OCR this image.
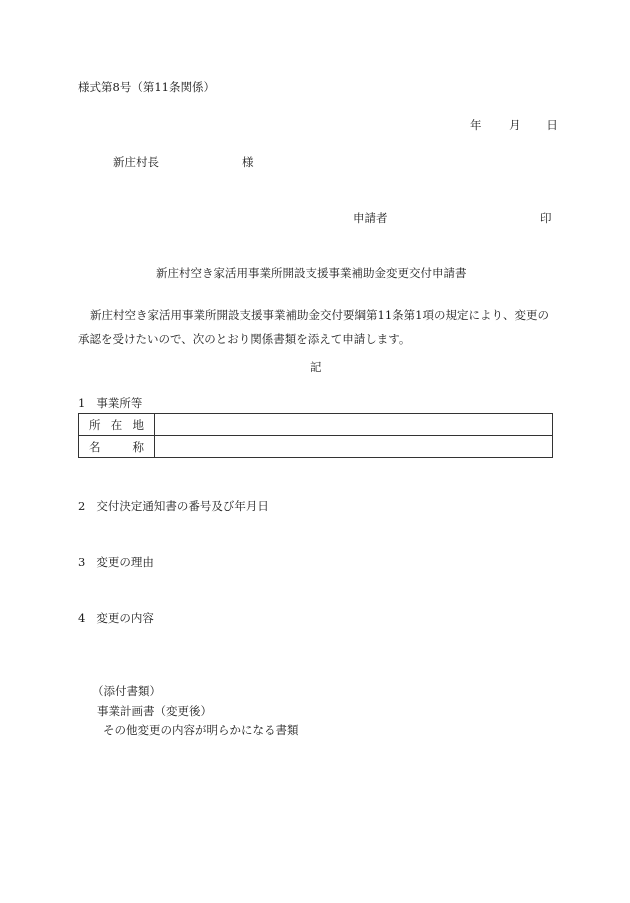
様式第8号（第11条関係）
年 月 日
新庄村長	様
申請者	印
新庄村空き家活用事業所開設支援事業補助金変更交付申請書
新庄村空き家活用事業所開設支援事業補助金交付要綱第11条第1項の規定により、変更の承認を受けたいので、次のとおり関係書類を添えて申請します。
記
1 事業所等
所 在 地	

名 称	

2 交付決定通知書の番号及び年月日
3 変更の理由
4 変更の内容
（添付書類）
事業計画書（変更後）
その他変更の内容が明らかになる書類
